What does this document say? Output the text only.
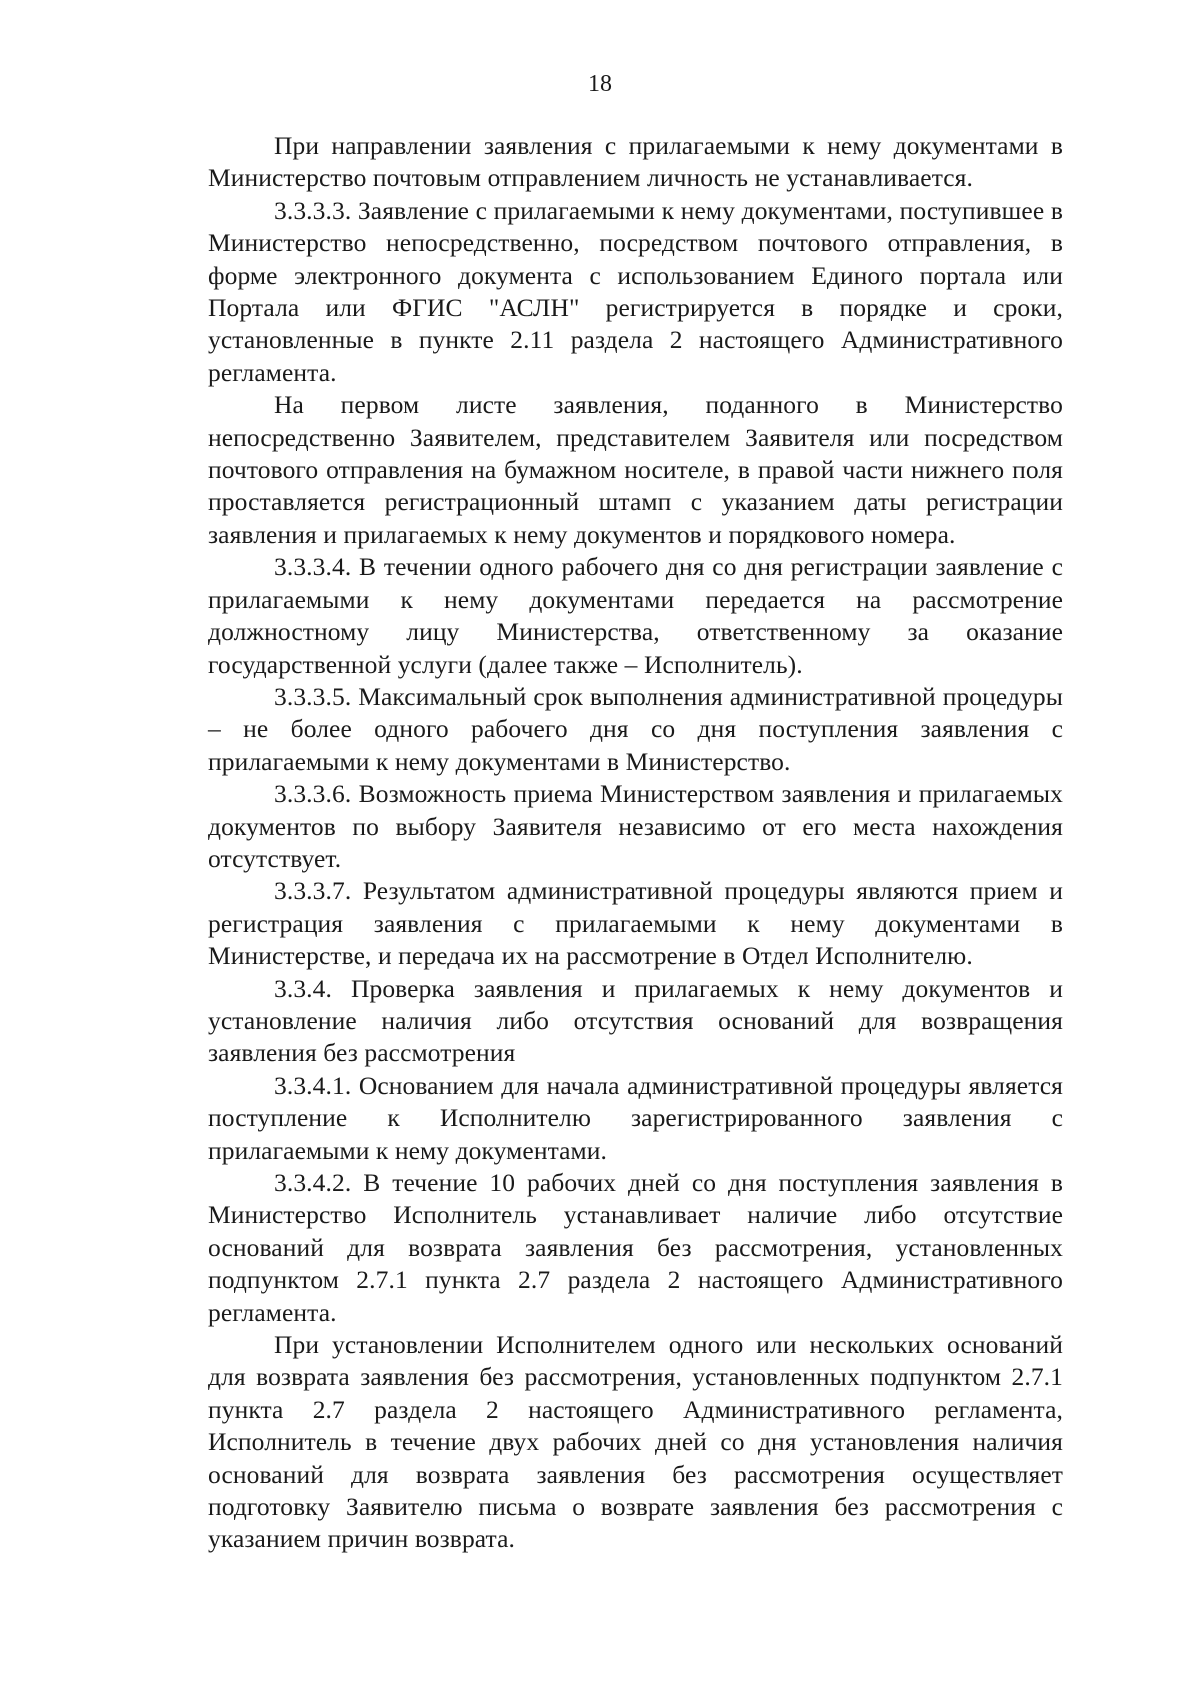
18

При направлении заявления с прилагаемыми к нему документами в Министерство почтовым отправлением личность не устанавливается.

3.3.3.3. Заявление с прилагаемыми к нему документами, поступившее в Министерство непосредственно, посредством почтового отправления, в форме электронного документа с использованием Единого портала или Портала или ФГИС "АСЛН" регистрируется в порядке и сроки, установленные в пункте 2.11 раздела 2 настоящего Административного регламента.

На первом листе заявления, поданного в Министерство непосредственно Заявителем, представителем Заявителя или посредством почтового отправления на бумажном носителе, в правой части нижнего поля проставляется регистрационный штамп с указанием даты регистрации заявления и прилагаемых к нему документов и порядкового номера.

3.3.3.4. В течении одного рабочего дня со дня регистрации заявление с прилагаемыми к нему документами передается на рассмотрение должностному лицу Министерства, ответственному за оказание государственной услуги (далее также – Исполнитель).

3.3.3.5. Максимальный срок выполнения административной процедуры – не более одного рабочего дня со дня поступления заявления с прилагаемыми к нему документами в Министерство.

3.3.3.6. Возможность приема Министерством заявления и прилагаемых документов по выбору Заявителя независимо от его места нахождения отсутствует.

3.3.3.7. Результатом административной процедуры являются прием и регистрация заявления с прилагаемыми к нему документами в Министерстве, и передача их на рассмотрение в Отдел Исполнителю.

3.3.4. Проверка заявления и прилагаемых к нему документов и установление наличия либо отсутствия оснований для возвращения заявления без рассмотрения

3.3.4.1. Основанием для начала административной процедуры является поступление к Исполнителю зарегистрированного заявления с прилагаемыми к нему документами.

3.3.4.2. В течение 10 рабочих дней со дня поступления заявления в Министерство Исполнитель устанавливает наличие либо отсутствие оснований для возврата заявления без рассмотрения, установленных подпунктом 2.7.1 пункта 2.7 раздела 2 настоящего Административного регламента.

При установлении Исполнителем одного или нескольких оснований для возврата заявления без рассмотрения, установленных подпунктом 2.7.1 пункта 2.7 раздела 2 настоящего Административного регламента, Исполнитель в течение двух рабочих дней со дня установления наличия оснований для возврата заявления без рассмотрения осуществляет подготовку Заявителю письма о возврате заявления без рассмотрения с указанием причин возврата.
